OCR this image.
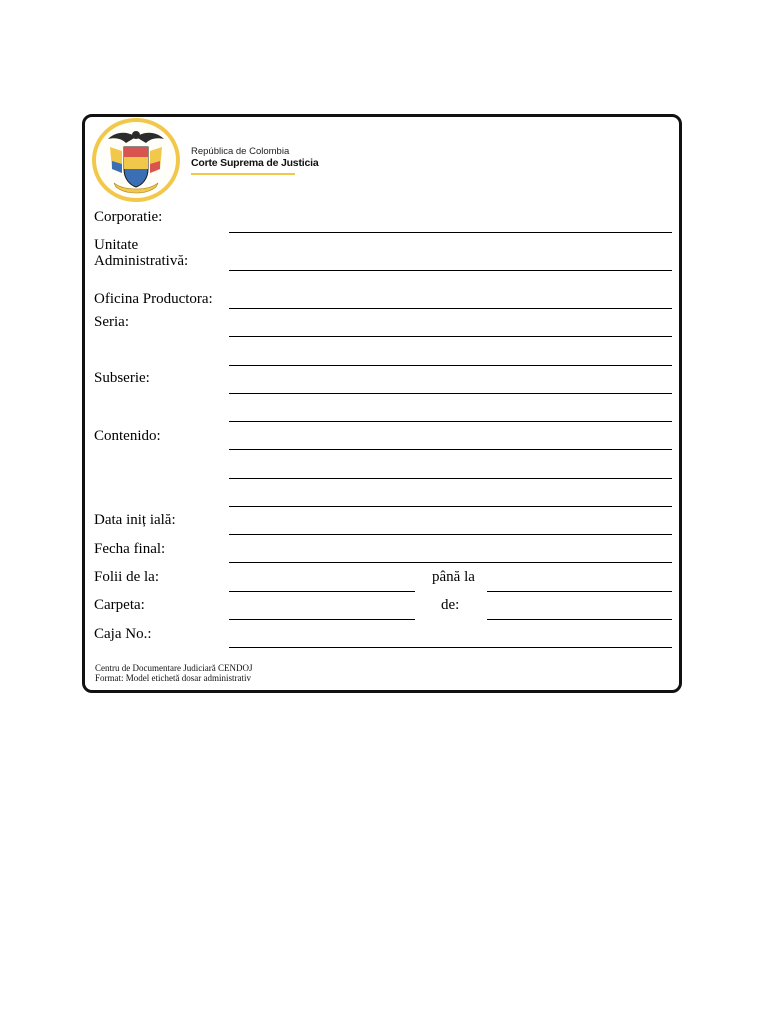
República de Colombia
Corte Suprema de Justicia
Corporatie:
Unitate
Administrativă:
Oficina Productora:
Seria:
Subserie:
Contenido:
Data iniț ială:
Fecha final:
Folii de la:	până la
Carpeta:	de:
Caja No.:
Centru de Documentare Judiciară CENDOJ
Format: Model etichetă dosar administrativ
